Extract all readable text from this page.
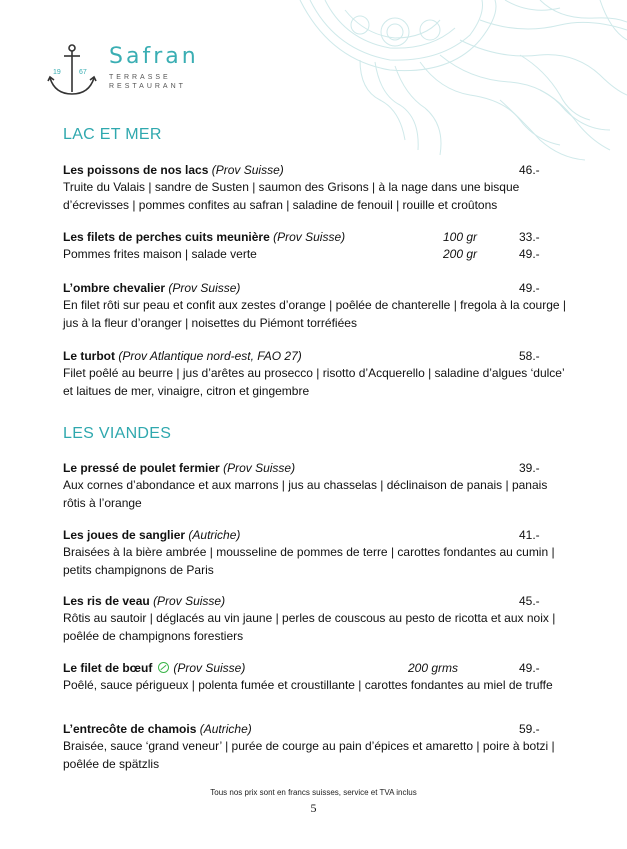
19	67
Safran
TERRASSE
RESTAURANT
LAC ET MER
Les poissons de nos lacs (Prov Suisse)	46.-
Truite du Valais | sandre de Susten | saumon des Grisons | à la nage dans une bisque d’écrevisses | pommes confites au safran | saladine de fenouil | rouille et croûtons
Les filets de perches cuits meunière (Prov Suisse)	100 gr	33.-
Pommes frites maison | salade verte	200 gr	49.-
L’ombre chevalier (Prov Suisse)	49.-
En filet rôti sur peau et confit aux zestes d’orange | poêlée de chanterelle | fregola à la courge | jus à la fleur d’oranger | noisettes du Piémont torréfiées
Le turbot (Prov Atlantique nord-est, FAO 27)	58.-
Filet poêlé au beurre | jus d’arêtes au prosecco | risotto d’Acquerello | saladine d’algues ‘dulce’ et laitues de mer, vinaigre, citron et gingembre
LES VIANDES
Le pressé de poulet fermier (Prov Suisse)	39.-
Aux cornes d’abondance et aux marrons | jus au chasselas | déclinaison de panais | panais rôtis à l’orange
Les joues de sanglier (Autriche)	41.-
Braisées à la bière ambrée | mousseline de pommes de terre | carottes fondantes au cumin | petits champignons de Paris
Les ris de veau (Prov Suisse)	45.-
Rôtis au sautoir | déglacés au vin jaune | perles de couscous au pesto de ricotta et aux noix | poêlée de champignons forestiers
Le filet de bœuf (Prov Suisse)	200 grms	49.-
Poêlé, sauce périgueux | polenta fumée et croustillante | carottes fondantes au miel de truffe
L’entrecôte de chamois (Autriche)	59.-
Braisée, sauce ‘grand veneur’ | purée de courge au pain d’épices et amaretto | poire à botzi | poêlée de spätzlis
Tous nos prix sont en francs suisses, service et TVA inclus
5
